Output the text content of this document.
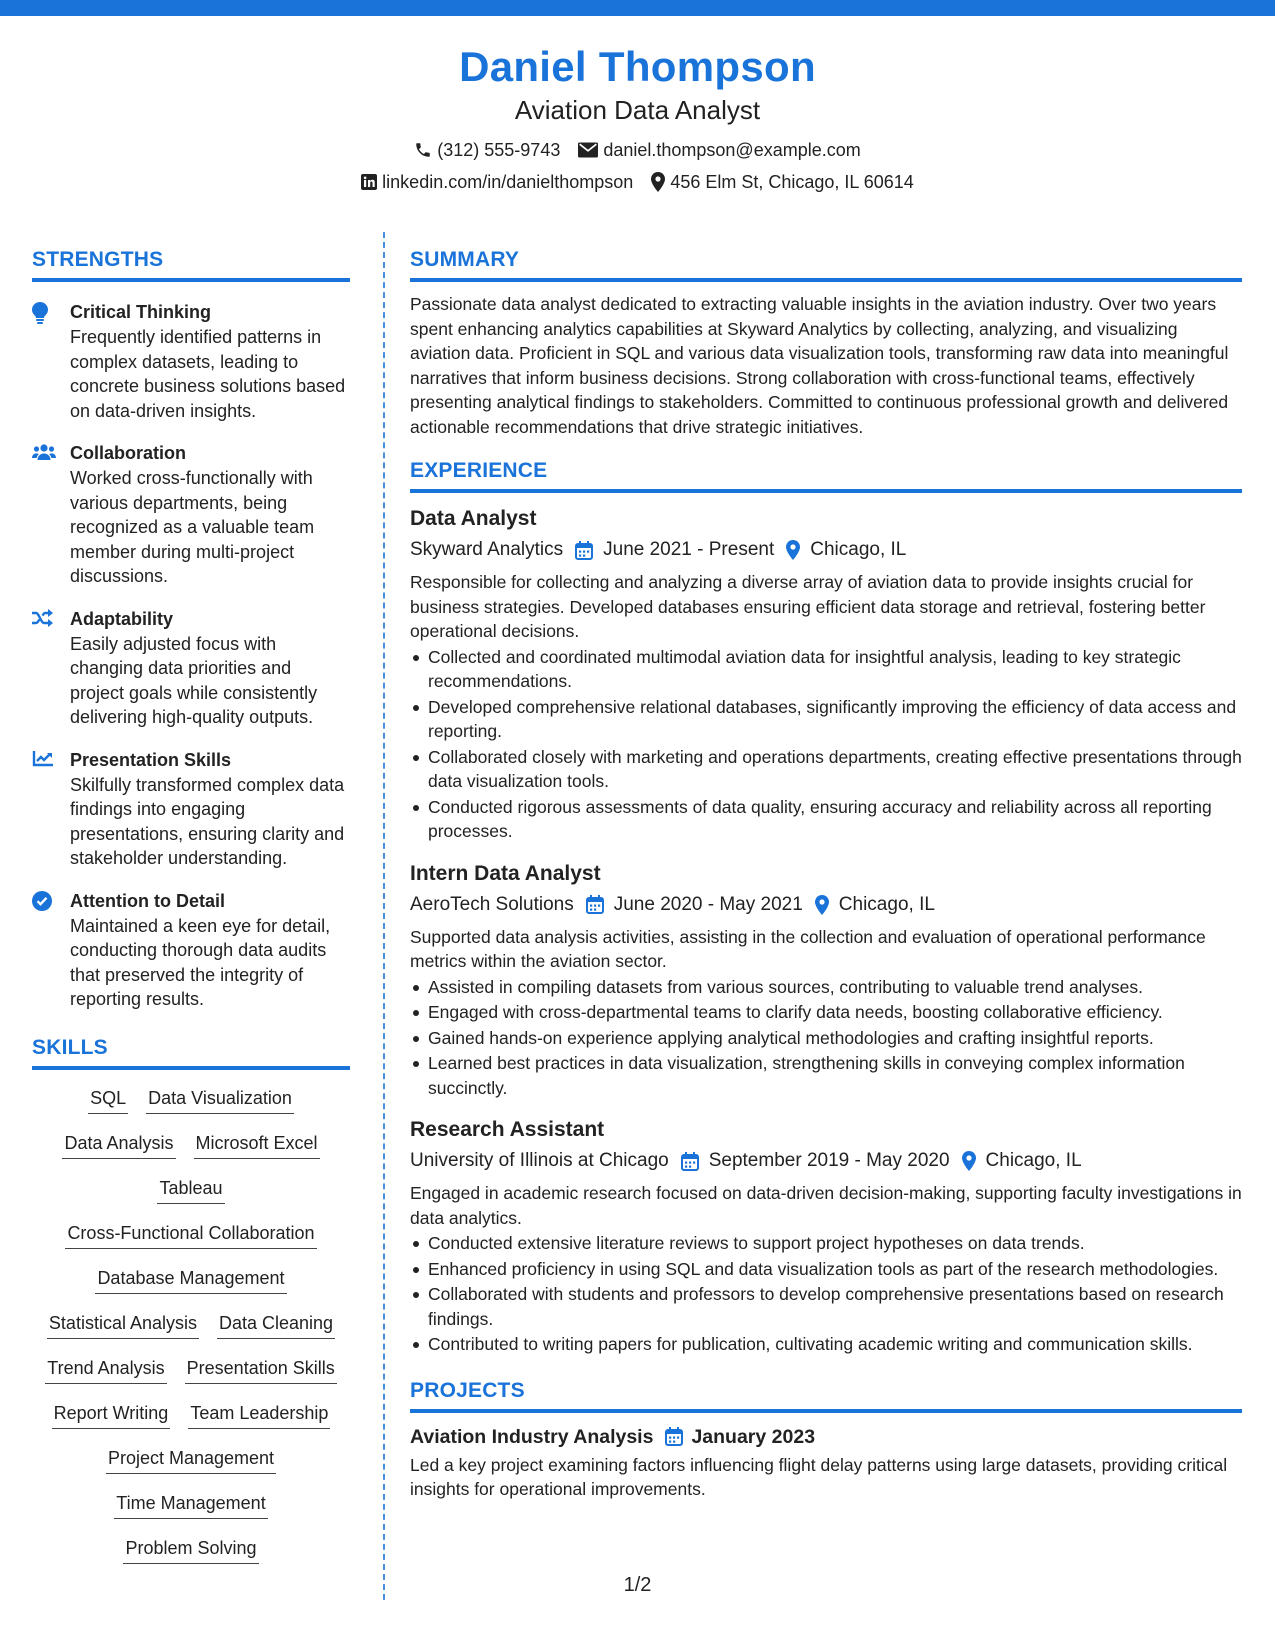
Daniel Thompson
Aviation Data Analyst
(312) 555-9743 daniel.thompson@example.com
linkedin.com/in/danielthompson 456 Elm St, Chicago, IL 60614
STRENGTHS
Critical Thinking
Frequently identified patterns in complex datasets, leading to concrete business solutions based on data-driven insights.
Collaboration
Worked cross-functionally with various departments, being recognized as a valuable team member during multi-project discussions.
Adaptability
Easily adjusted focus with changing data priorities and project goals while consistently delivering high-quality outputs.
Presentation Skills
Skilfully transformed complex data findings into engaging presentations, ensuring clarity and stakeholder understanding.
Attention to Detail
Maintained a keen eye for detail, conducting thorough data audits that preserved the integrity of reporting results.
SKILLS
SQL Data Visualization
Data Analysis Microsoft Excel
Tableau
Cross-Functional Collaboration
Database Management
Statistical Analysis Data Cleaning
Trend Analysis Presentation Skills
Report Writing Team Leadership
Project Management
Time Management
Problem Solving
SUMMARY
Passionate data analyst dedicated to extracting valuable insights in the aviation industry. Over two years spent enhancing analytics capabilities at Skyward Analytics by collecting, analyzing, and visualizing aviation data. Proficient in SQL and various data visualization tools, transforming raw data into meaningful narratives that inform business decisions. Strong collaboration with cross-functional teams, effectively presenting analytical findings to stakeholders. Committed to continuous professional growth and delivered actionable recommendations that drive strategic initiatives.
EXPERIENCE
Data Analyst
Skyward Analytics June 2021 - Present Chicago, IL
Responsible for collecting and analyzing a diverse array of aviation data to provide insights crucial for business strategies. Developed databases ensuring efficient data storage and retrieval, fostering better operational decisions.
Collected and coordinated multimodal aviation data for insightful analysis, leading to key strategic recommendations.
Developed comprehensive relational databases, significantly improving the efficiency of data access and reporting.
Collaborated closely with marketing and operations departments, creating effective presentations through data visualization tools.
Conducted rigorous assessments of data quality, ensuring accuracy and reliability across all reporting processes.
Intern Data Analyst
AeroTech Solutions June 2020 - May 2021 Chicago, IL
Supported data analysis activities, assisting in the collection and evaluation of operational performance metrics within the aviation sector.
Assisted in compiling datasets from various sources, contributing to valuable trend analyses.
Engaged with cross-departmental teams to clarify data needs, boosting collaborative efficiency.
Gained hands-on experience applying analytical methodologies and crafting insightful reports.
Learned best practices in data visualization, strengthening skills in conveying complex information succinctly.
Research Assistant
University of Illinois at Chicago September 2019 - May 2020 Chicago, IL
Engaged in academic research focused on data-driven decision-making, supporting faculty investigations in data analytics.
Conducted extensive literature reviews to support project hypotheses on data trends.
Enhanced proficiency in using SQL and data visualization tools as part of the research methodologies.
Collaborated with students and professors to develop comprehensive presentations based on research findings.
Contributed to writing papers for publication, cultivating academic writing and communication skills.
PROJECTS
Aviation Industry Analysis January 2023
Led a key project examining factors influencing flight delay patterns using large datasets, providing critical insights for operational improvements.
1/2
